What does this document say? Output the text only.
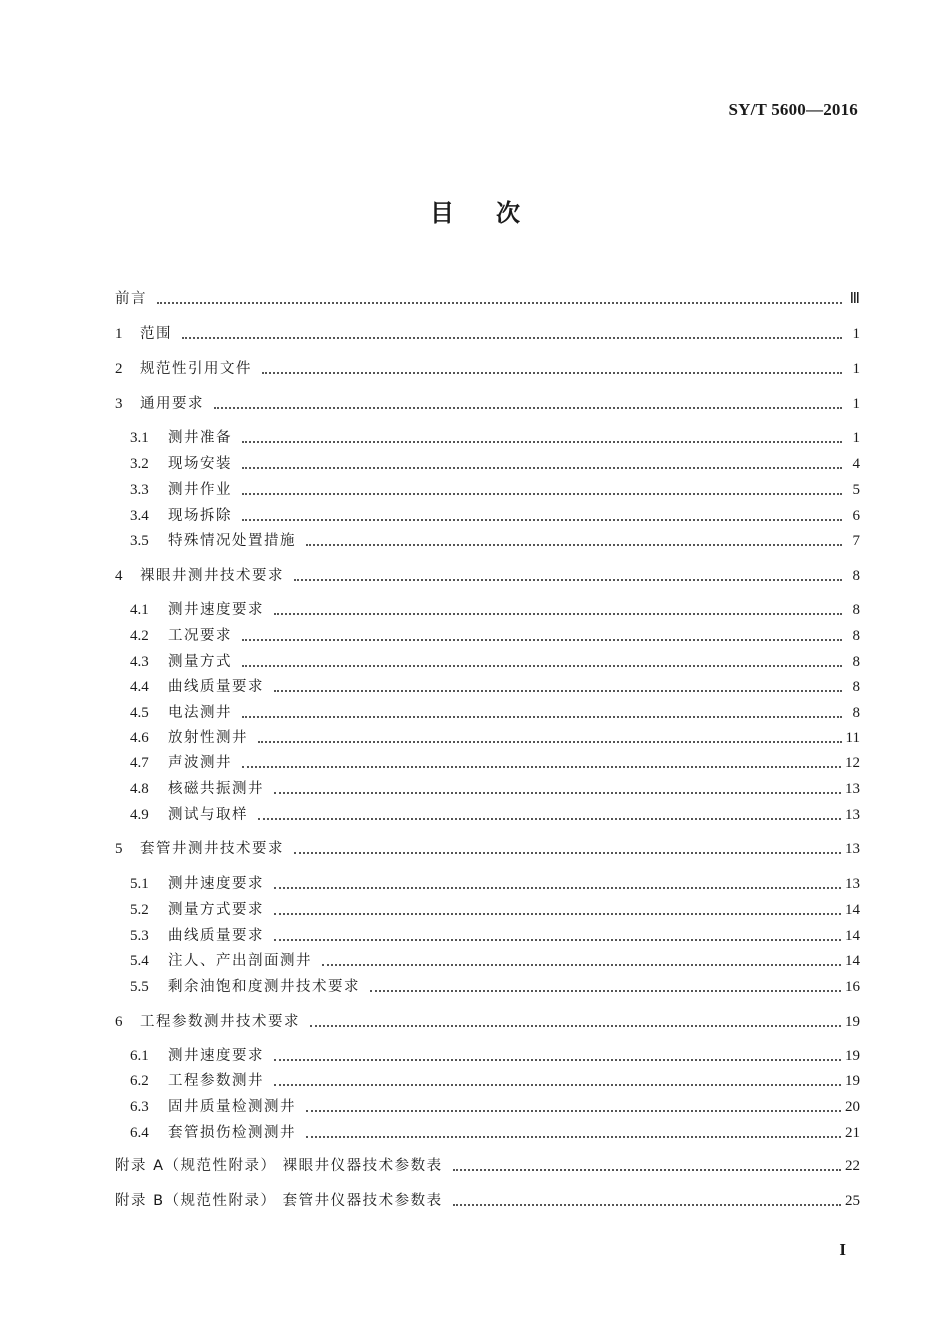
SY/T 5600—2016
目次
前言	Ⅲ
1	范围	1
2	规范性引用文件	1
3	通用要求	1
3.1	测井准备	1
3.2	现场安装	4
3.3	测井作业	5
3.4	现场拆除	6
3.5	特殊情况处置措施	7
4	裸眼井测井技术要求	8
4.1	测井速度要求	8
4.2	工况要求	8
4.3	测量方式	8
4.4	曲线质量要求	8
4.5	电法测井	8
4.6	放射性测井	11
4.7	声波测井	12
4.8	核磁共振测井	13
4.9	测试与取样	13
5	套管井测井技术要求	13
5.1	测井速度要求	13
5.2	测量方式要求	14
5.3	曲线质量要求	14
5.4	注人、产出剖面测井	14
5.5	剩余油饱和度测井技术要求	16
6	工程参数测井技术要求	19
6.1	测井速度要求	19
6.2	工程参数测井	19
6.3	固井质量检测测井	20
6.4	套管损伤检测测井	21
附录 A（规范性附录） 裸眼井仪器技术参数表	22
附录 B（规范性附录） 套管井仪器技术参数表	25
I
